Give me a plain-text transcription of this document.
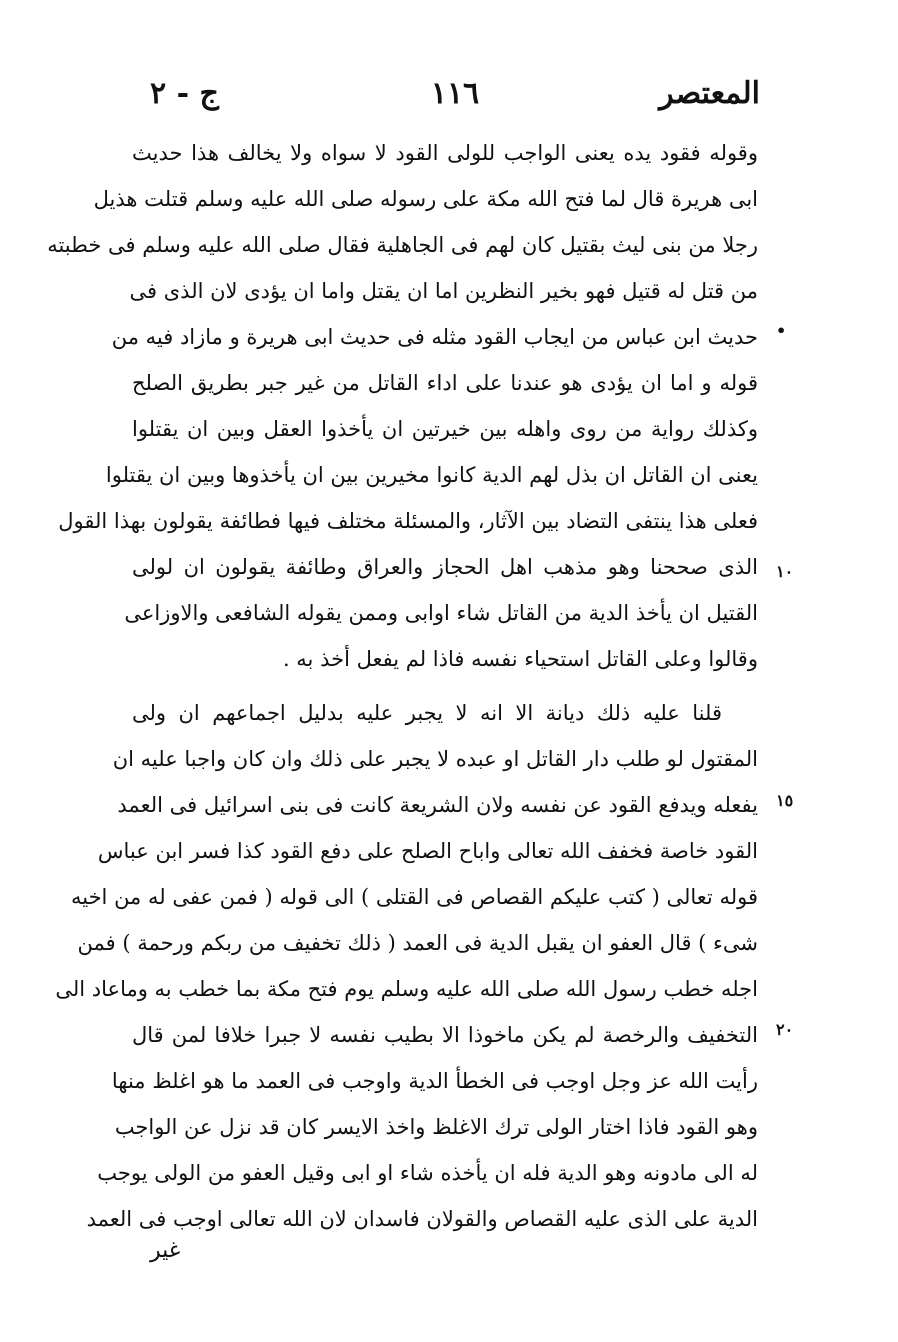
المعتصر
١١٦
ج - ٢
•
١٠
١٥
٢٠
وقوله فقود يده يعنى الواجب للولى القود لا سواه ولا يخالف هذا حديث
ابى هريرة قال لما فتح الله مكة على رسوله صلى الله عليه وسلم قتلت هذيل
رجلا من بنى ليث بقتيل كان لهم فى الجاهلية فقال صلى الله عليه وسلم فى خطبته
من قتل له قتيل فهو بخير النظرين اما ان يقتل واما ان يؤدى لان الذى فى
حديث ابن عباس من ايجاب القود مثله فى حديث ابى هريرة و مازاد فيه من
قوله و اما ان يؤدى هو عندنا على اداء القاتل من غير جبر بطريق الصلح
وكذلك رواية من روى واهله بين خيرتين ان يأخذوا العقل وبين ان يقتلوا
يعنى ان القاتل ان بذل لهم الدية كانوا مخيرين بين ان يأخذوها وبين ان يقتلوا
فعلى هذا ينتفى التضاد بين الآثار، والمسئلة مختلف فيها فطائفة يقولون بهذا القول
الذى صححنا وهو مذهب اهل الحجاز والعراق وطائفة يقولون ان لولى
القتيل ان يأخذ الدية من القاتل شاء اوابى وممن يقوله الشافعى والاوزاعى
وقالوا وعلى القاتل استحياء نفسه فاذا لم يفعل أخذ به .
قلنا عليه ذلك ديانة الا انه لا يجبر عليه بدليل اجماعهم ان ولى
المقتول لو طلب دار القاتل او عبده لا يجبر على ذلك وان كان واجبا عليه ان
يفعله ويدفع القود عن نفسه ولان الشريعة كانت فى بنى اسرائيل فى العمد
القود خاصة فخفف الله تعالى واباح الصلح على دفع القود كذا فسر ابن عباس
قوله تعالى ( كتب عليكم القصاص فى القتلى ) الى قوله ( فمن عفى له من اخيه
شىء ) قال العفو ان يقبل الدية فى العمد ( ذلك تخفيف من ربكم ورحمة ) فمن
اجله خطب رسول الله صلى الله عليه وسلم يوم فتح مكة بما خطب به وماعاد الى
التخفيف والرخصة لم يكن ماخوذا الا بطيب نفسه لا جبرا خلافا لمن قال
رأيت الله عز وجل اوجب فى الخطأ الدية واوجب فى العمد ما هو اغلظ منها
وهو القود فاذا اختار الولى ترك الاغلظ واخذ الايسر كان قد نزل عن الواجب
له الى مادونه وهو الدية فله ان يأخذه شاء او ابى وقيل العفو من الولى يوجب
الدية على الذى عليه القصاص والقولان فاسدان لان الله تعالى اوجب فى العمد
غير
